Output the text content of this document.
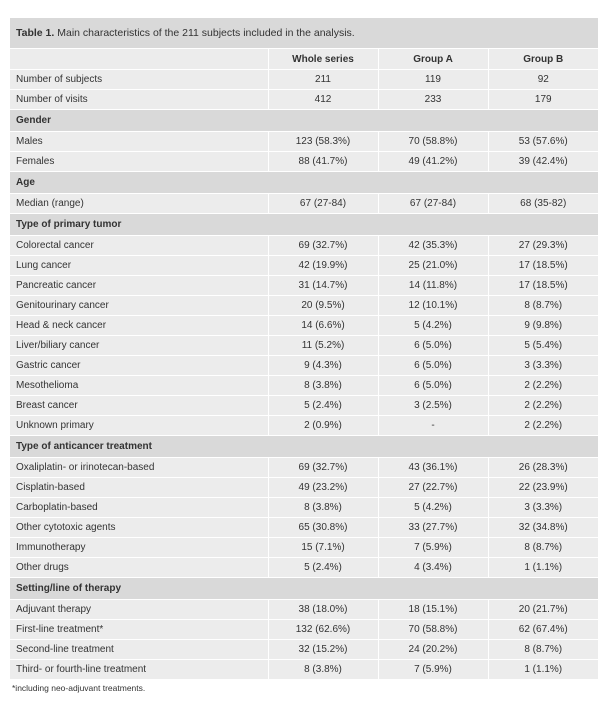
Table 1. Main characteristics of the 211 subjects included in the analysis.
	Whole series	Group A	Group B
Number of subjects	211	119	92
Number of visits	412	233	179
Gender			
Males	123 (58.3%)	70 (58.8%)	53 (57.6%)
Females	88 (41.7%)	49 (41.2%)	39 (42.4%)
Age			
Median (range)	67 (27-84)	67 (27-84)	68 (35-82)
Type of primary tumor			
Colorectal cancer	69 (32.7%)	42 (35.3%)	27 (29.3%)
Lung cancer	42 (19.9%)	25 (21.0%)	17 (18.5%)
Pancreatic cancer	31 (14.7%)	14 (11.8%)	17 (18.5%)
Genitourinary cancer	20 (9.5%)	12 (10.1%)	8 (8.7%)
Head & neck cancer	14 (6.6%)	5 (4.2%)	9 (9.8%)
Liver/biliary cancer	11 (5.2%)	6 (5.0%)	5 (5.4%)
Gastric cancer	9 (4.3%)	6 (5.0%)	3 (3.3%)
Mesothelioma	8 (3.8%)	6 (5.0%)	2 (2.2%)
Breast cancer	5 (2.4%)	3 (2.5%)	2 (2.2%)
Unknown primary	2 (0.9%)	-	2 (2.2%)
Type of anticancer treatment			
Oxaliplatin- or irinotecan-based	69 (32.7%)	43 (36.1%)	26 (28.3%)
Cisplatin-based	49 (23.2%)	27 (22.7%)	22 (23.9%)
Carboplatin-based	8 (3.8%)	5 (4.2%)	3 (3.3%)
Other cytotoxic agents	65 (30.8%)	33 (27.7%)	32 (34.8%)
Immunotherapy	15 (7.1%)	7 (5.9%)	8 (8.7%)
Other drugs	5 (2.4%)	4 (3.4%)	1 (1.1%)
Setting/line of therapy			
Adjuvant therapy	38 (18.0%)	18 (15.1%)	20 (21.7%)
First-line treatment*	132 (62.6%)	70 (58.8%)	62 (67.4%)
Second-line treatment	32 (15.2%)	24 (20.2%)	8 (8.7%)
Third- or fourth-line treatment	8 (3.8%)	7 (5.9%)	1 (1.1%)
*including neo-adjuvant treatments.
